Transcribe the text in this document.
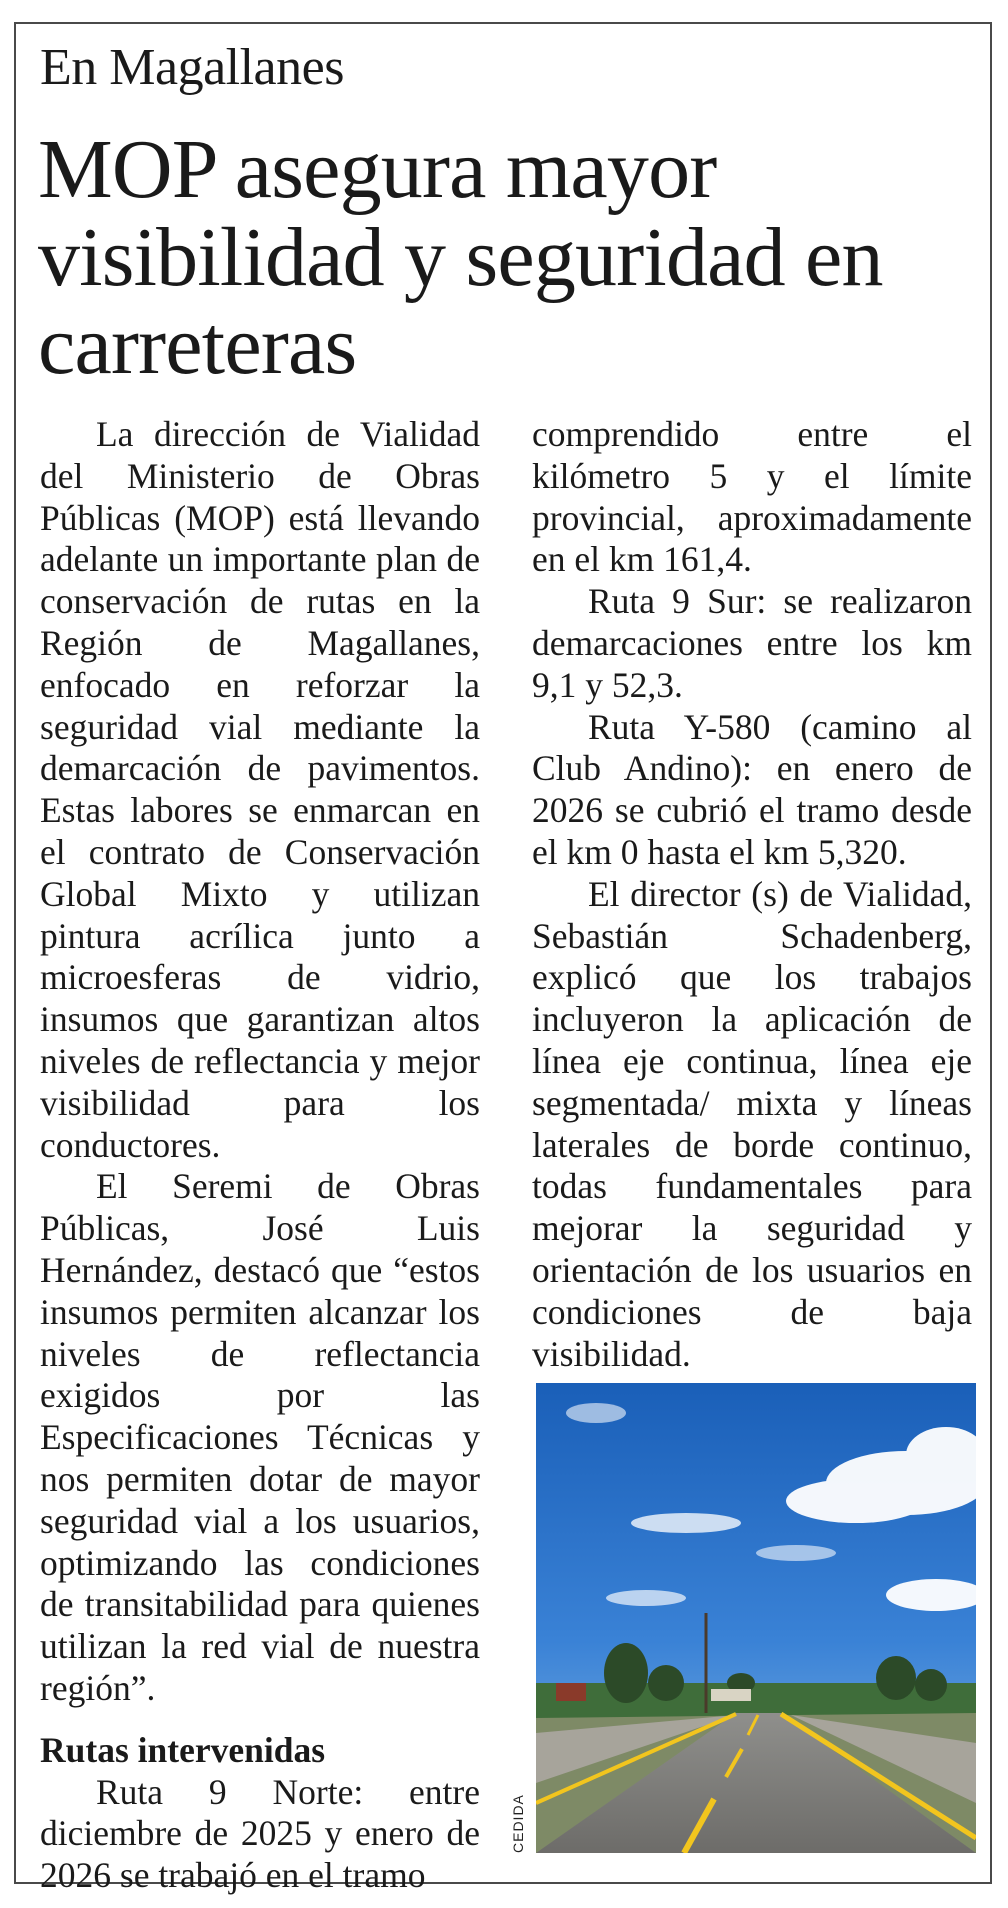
En Magallanes
MOP asegura mayor visibilidad y seguridad en carreteras

La dirección de Vialidad del Ministerio de Obras Públicas (MOP) está llevando adelante un importante plan de conservación de rutas en la Región de Magallanes, enfocado en reforzar la seguridad vial mediante la demarcación de pavimentos. Estas labores se enmarcan en el contrato de Conservación Global Mixto y utilizan pintura acrílica junto a microesferas de vidrio, insumos que garantizan altos niveles de reflectancia y mejor visibilidad para los conductores.

El Seremi de Obras Públicas, José Luis Hernández, destacó que “estos insumos permiten alcanzar los niveles de reflectancia exigidos por las Especificaciones Técnicas y nos permiten dotar de mayor seguridad vial a los usuarios, optimizando las condiciones de transitabilidad para quienes utilizan la red vial de nuestra región”.

Rutas intervenidas

Ruta 9 Norte: entre diciembre de 2025 y enero de 2026 se trabajó en el tramo

comprendido entre el kilómetro 5 y el límite provincial, aproximadamente en el km 161,4.

Ruta 9 Sur: se realizaron demarcaciones entre los km 9,1 y 52,3.

Ruta Y-580 (camino al Club Andino): en enero de 2026 se cubrió el tramo desde el km 0 hasta el km 5,320.

El director (s) de Vialidad, Sebastián Schadenberg, explicó que los trabajos incluyeron la aplicación de línea eje continua, línea eje segmentada/ mixta y líneas laterales de borde continuo, todas fundamentales para mejorar la seguridad y orientación de los usuarios en condiciones de baja visibilidad.

CEDIDA
